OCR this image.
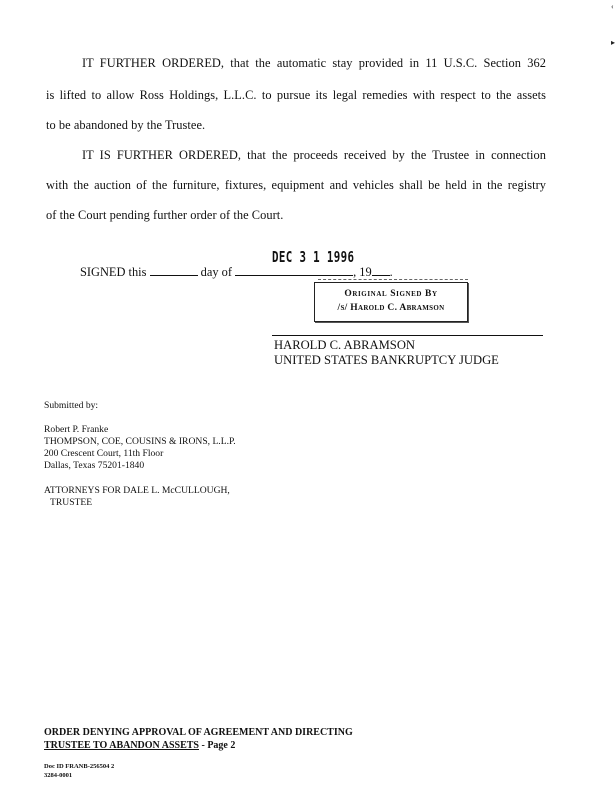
IT FURTHER ORDERED, that the automatic stay provided in 11 U.S.C. Section 362
is lifted to allow Ross Holdings, L.L.C. to pursue its legal remedies with respect to the assets
to be abandoned by the Trustee.
IT IS FURTHER ORDERED, that the proceeds received by the Trustee in connection
with the auction of the furniture, fixtures, equipment and vehicles shall be held in the registry
of the Court pending further order of the Court.
DEC 3 1 1996
SIGNED this	day of	, 19 .
Original Signed By
/s/ Harold C. Abramson
HAROLD C. ABRAMSON
UNITED STATES BANKRUPTCY JUDGE
Submitted by:
Robert P. Franke
THOMPSON, COE, COUSINS & IRONS, L.L.P.
200 Crescent Court, 11th Floor
Dallas, Texas 75201-1840
ATTORNEYS FOR DALE L. McCULLOUGH,
TRUSTEE
ORDER DENYING APPROVAL OF AGREEMENT AND DIRECTING
TRUSTEE TO ABANDON ASSETS - Page 2
Doc ID FRANB-256504 2
3284-0001
‹
▸
